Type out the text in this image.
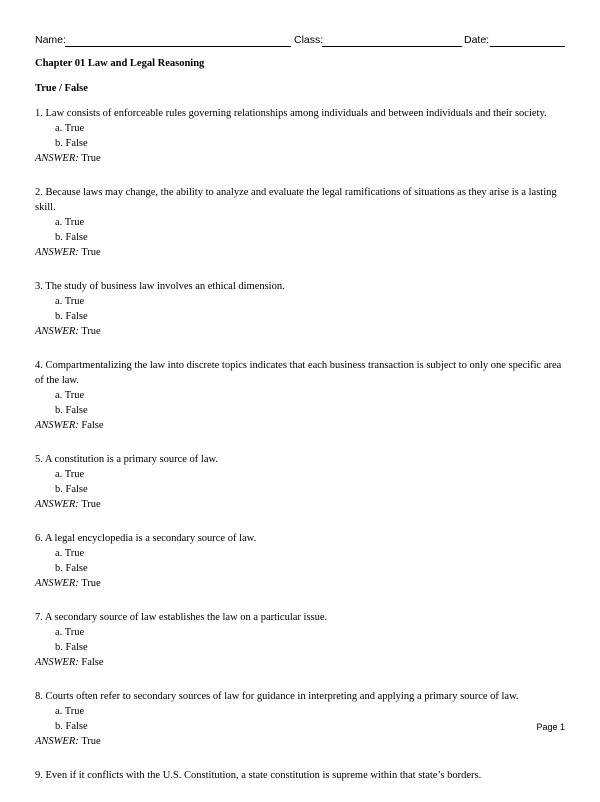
Name:	Class:	Date:
Chapter 01 Law and Legal Reasoning
True / False
1. Law consists of enforceable rules governing relationships among individuals and between individuals and their society.
a. True
b. False
ANSWER: True
2. Because laws may change, the ability to analyze and evaluate the legal ramifications of situations as they arise is a lasting skill.
a. True
b. False
ANSWER: True
3. The study of business law involves an ethical dimension.
a. True
b. False
ANSWER: True
4. Compartmentalizing the law into discrete topics indicates that each business transaction is subject to only one specific area of the law.
a. True
b. False
ANSWER: False
5. A constitution is a primary source of law.
a. True
b. False
ANSWER: True
6. A legal encyclopedia is a secondary source of law.
a. True
b. False
ANSWER: True
7. A secondary source of law establishes the law on a particular issue.
a. True
b. False
ANSWER: False
8. Courts often refer to secondary sources of law for guidance in interpreting and applying a primary source of law.
a. True
b. False
ANSWER: True
9. Even if it conflicts with the U.S. Constitution, a state constitution is supreme within that state’s borders.
Page 1
